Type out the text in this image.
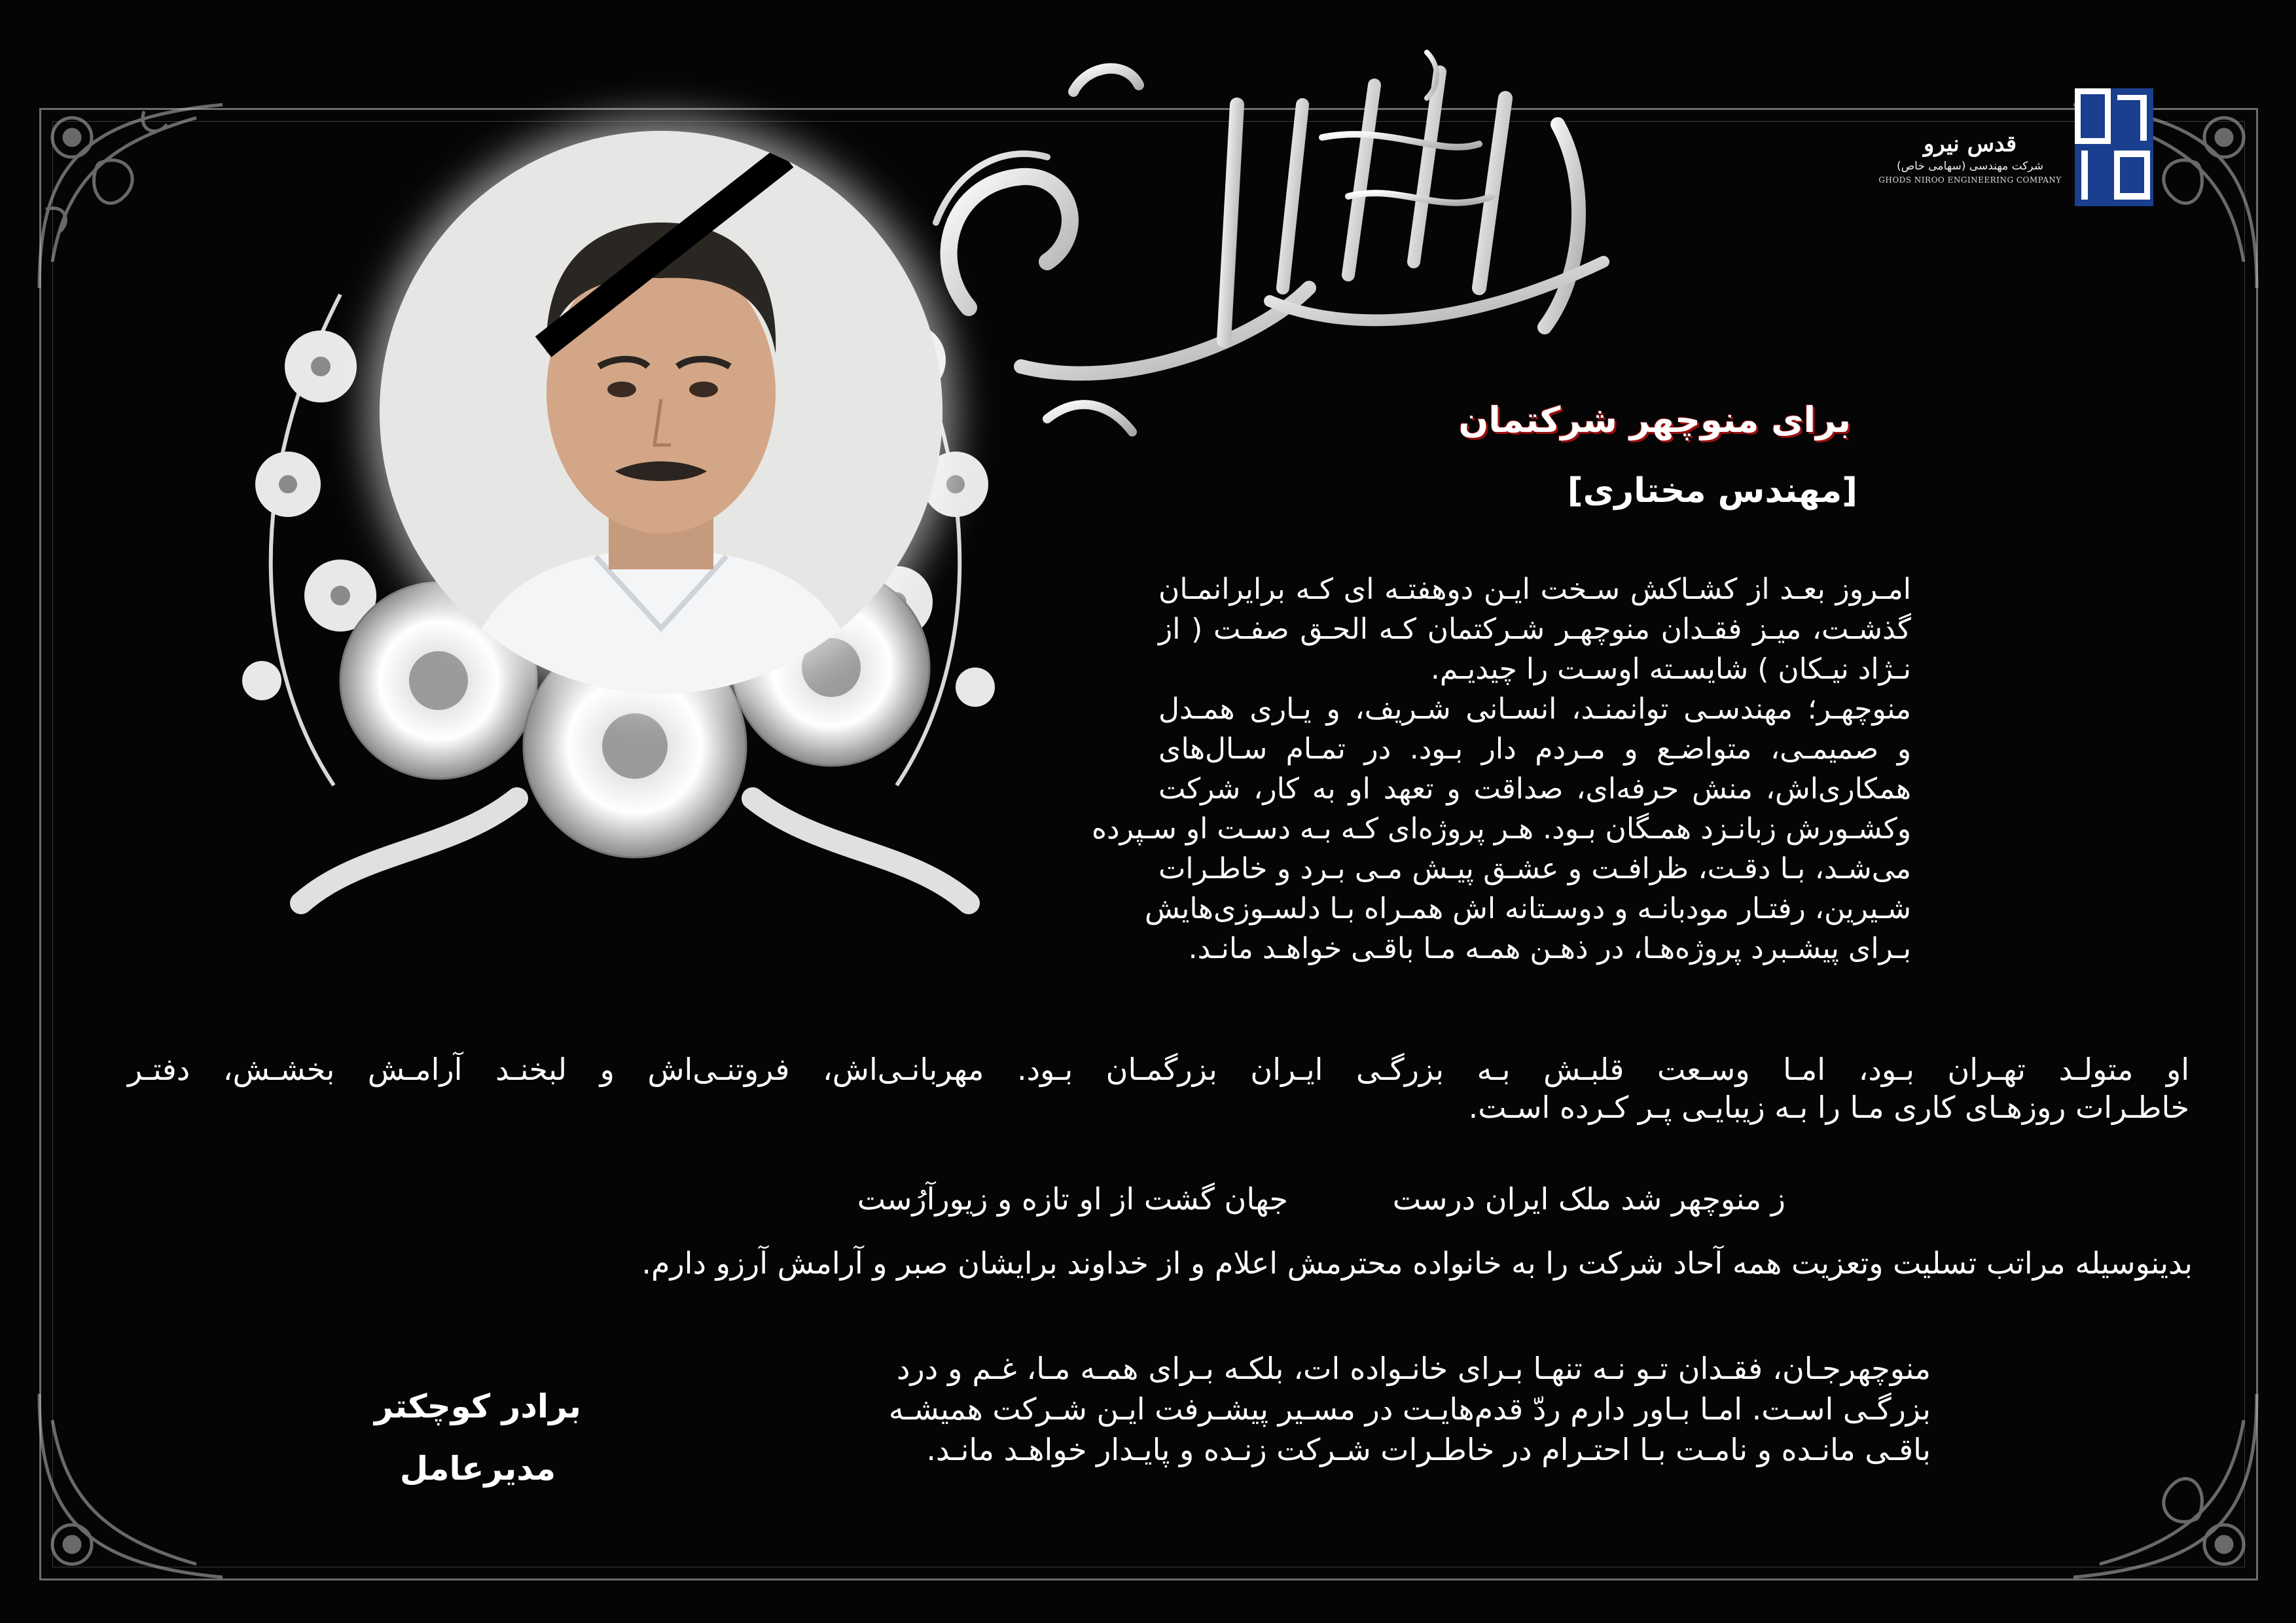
قدس نیرو
شرکت مهندسی (سهامی خاص)
GHODS NIROO ENGINEERING COMPANY
برای منوچهر شرکتمان
[مهندس مختاری]
امـروز بعـد از کشـاکش سـخت ایـن دوهفتـه ای کـه برایرانمـان
گذشـت، میـز فقـدان منوچهـر شـرکتمان کـه الحـق صفـت ( از
نـژاد نیـکان ) شایسـته اوسـت را چیدیـم.
منوچهـر؛ مهندسـی توانمنـد، انسـانی شـریف، و یـاری همـدل
و صمیمـی، متواضـع و مـردم دار بـود. در تمـام سـال‌های
همکاری‌اش، منش حرفه‌ای، صداقت و تعهد او به کار، شرکت
وکشـورش زبانـزد همـگان بـود. هـر پروژه‌ای کـه بـه دسـت او سـپرده
می‌شـد، بـا دقـت، ظرافـت و عشـق پیـش مـی بـرد و خاطـرات
شـیرین، رفتـار مودبانـه و دوسـتانه اش همـراه بـا دلسـوزی‌هایش
بـرای پیشـبرد پروژه‌هـا، در ذهـن همـه مـا باقـی خواهـد مانـد.
او متولـد تهـران بـود، امـا وسـعت قلبـش بـه بزرگـی ایـران بزرگمـان بـود. مهربانـی‌اش، فروتنـی‌اش و لبخنـد آرامـش بخشـش، دفتـر
خاطـرات روزهـای کاری مـا را بـه زیبایـی پـر کـرده اسـت.
ز منوچهر شد ملک ایران درست
جهان گشت از او تازه و زیورآرُست
بدینوسیله مراتب تسلیت وتعزیت همه آحاد شرکت را به خانواده محترمش اعلام و از خداوند برایشان صبر و آرامش آرزو دارم.
منوچهرجـان، فقـدان تـو نـه تنهـا بـرای خانـواده ات، بلکـه بـرای همـه مـا، غـم و درد
بزرگـی اسـت. امـا بـاور دارم ردّ قدم‌هایـت در مسـیر پیشـرفت ایـن شـرکت همیشـه
باقـی مانـده و نامـت بـا احتـرام در خاطـرات شـرکت زنـده و پایـدار خواهـد مانـد.
برادر کوچکتر
مدیرعامل
